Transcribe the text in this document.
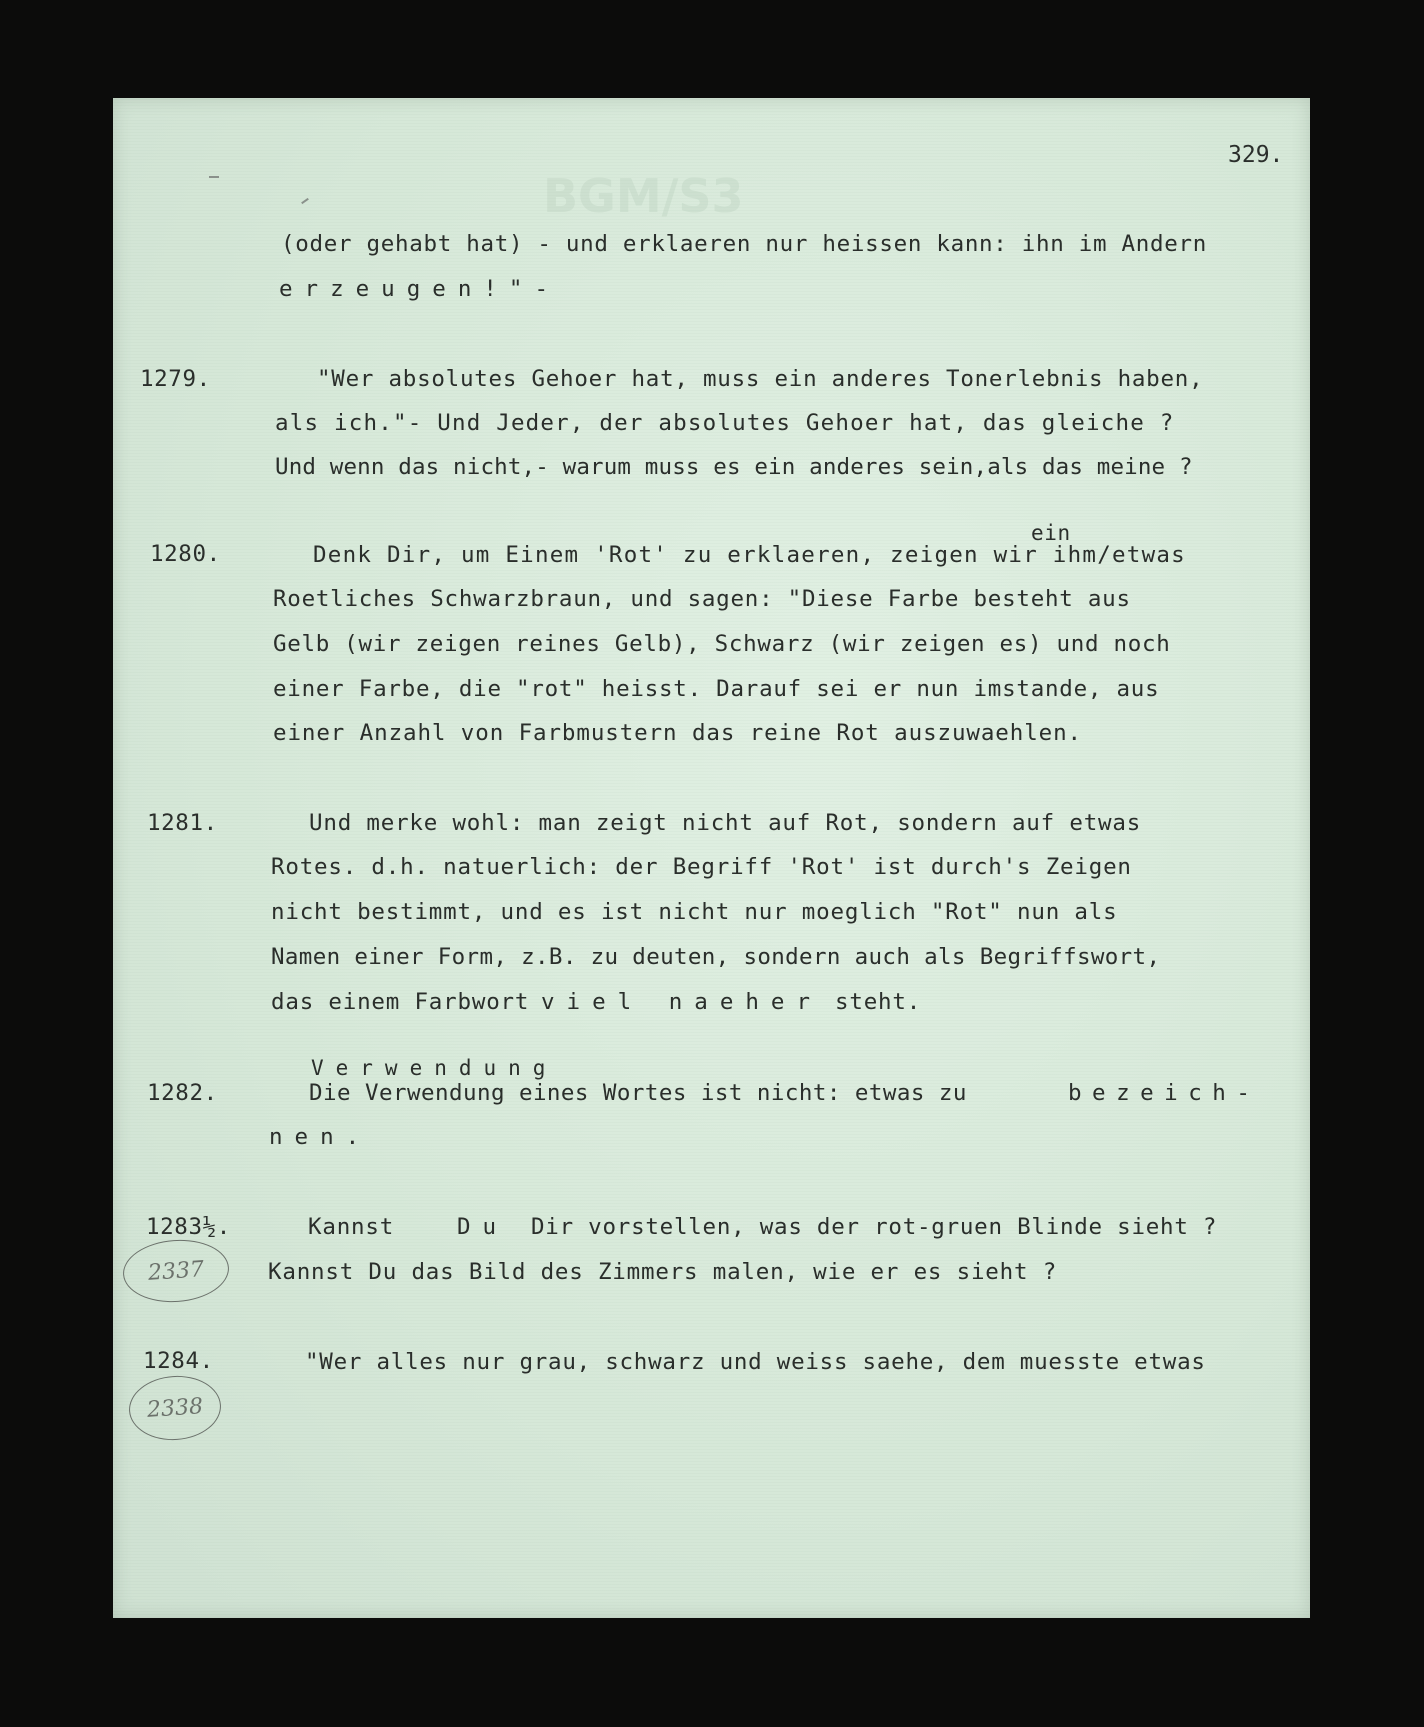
BGM/S3
329.
(oder gehabt hat) - und erklaeren nur heissen kann: ihn im Andern
erzeugen!"-
1279.	"Wer absolutes Gehoer hat, muss ein anderes Tonerlebnis haben,
als ich."- Und Jeder, der absolutes Gehoer hat, das gleiche ?
Und wenn das nicht,- warum muss es ein anderes sein,als das meine ?
1280.
ein
Denk Dir, um Einem 'Rot' zu erklaeren, zeigen wir ihm/etwas
Roetliches Schwarzbraun, und sagen: "Diese Farbe besteht aus
Gelb (wir zeigen reines Gelb), Schwarz (wir zeigen es) und noch
einer Farbe, die "rot" heisst. Darauf sei er nun imstande, aus
einer Anzahl von Farbmustern das reine Rot auszuwaehlen.
1281.	Und merke wohl: man zeigt nicht auf Rot, sondern auf etwas
Rotes. d.h. natuerlich: der Begriff 'Rot' ist durch's Zeigen
nicht bestimmt, und es ist nicht nur moeglich "Rot" nun als
Namen einer Form, z.B. zu deuten, sondern auch als Begriffswort,
das einem Farbwort viel naeher steht.
Verwendung
1282.	Die Verwendung eines Wortes ist nicht: etwas zu	bezeich-
nen.
1283½.
2337
Kannst	Du Dir vorstellen, was der rot-gruen Blinde sieht ?
Kannst Du das Bild des Zimmers malen, wie er es sieht ?
1284.
2338
"Wer alles nur grau, schwarz und weiss saehe, dem muesste etwas
